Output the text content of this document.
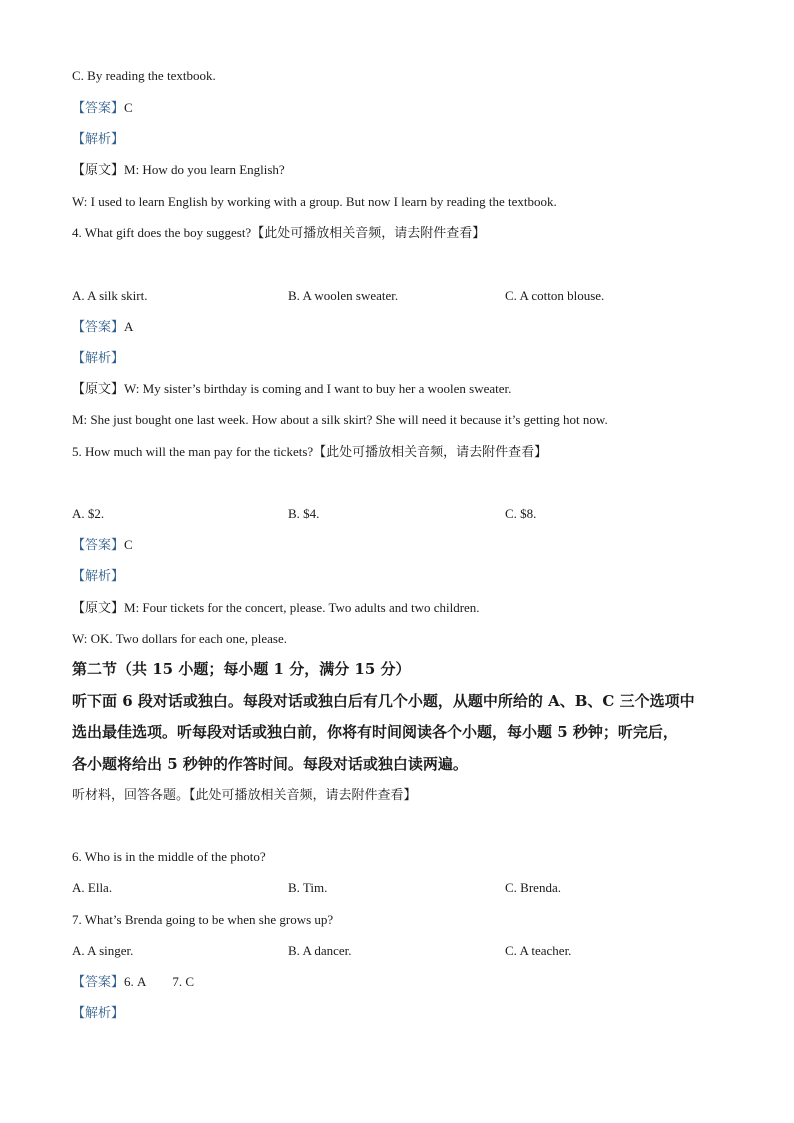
C. By reading the textbook.
【答案】C
【解析】
【原文】M: How do you learn English?
W: I used to learn English by working with a group. But now I learn by reading the textbook.
4. What gift does the boy suggest?【此处可播放相关音频，请去附件查看】
A. A silk skirt.	B. A woolen sweater.	C. A cotton blouse.
【答案】A
【解析】
【原文】W: My sister’s birthday is coming and I want to buy her a woolen sweater.
M: She just bought one last week. How about a silk skirt? She will need it because it’s getting hot now.
5. How much will the man pay for the tickets?【此处可播放相关音频，请去附件查看】
A. $2.	B. $4.	C. $8.
【答案】C
【解析】
【原文】M: Four tickets for the concert, please. Two adults and two children.
W: OK. Two dollars for each one, please.
第二节（共 15 小题；每小题 1 分，满分 15 分）
听下面 6 段对话或独白。每段对话或独白后有几个小题，从题中所给的 A、B、C 三个选项中
选出最佳选项。听每段对话或独白前，你将有时间阅读各个小题，每小题 5 秒钟；听完后，
各小题将给出 5 秒钟的作答时间。每段对话或独白读两遍。
听材料，回答各题。【此处可播放相关音频，请去附件查看】
6. Who is in the middle of the photo?
A. Ella.	B. Tim.	C. Brenda.
7. What’s Brenda going to be when she grows up?
A. A singer.	B. A dancer.	C. A teacher.
【答案】6. A 7. C
【解析】
